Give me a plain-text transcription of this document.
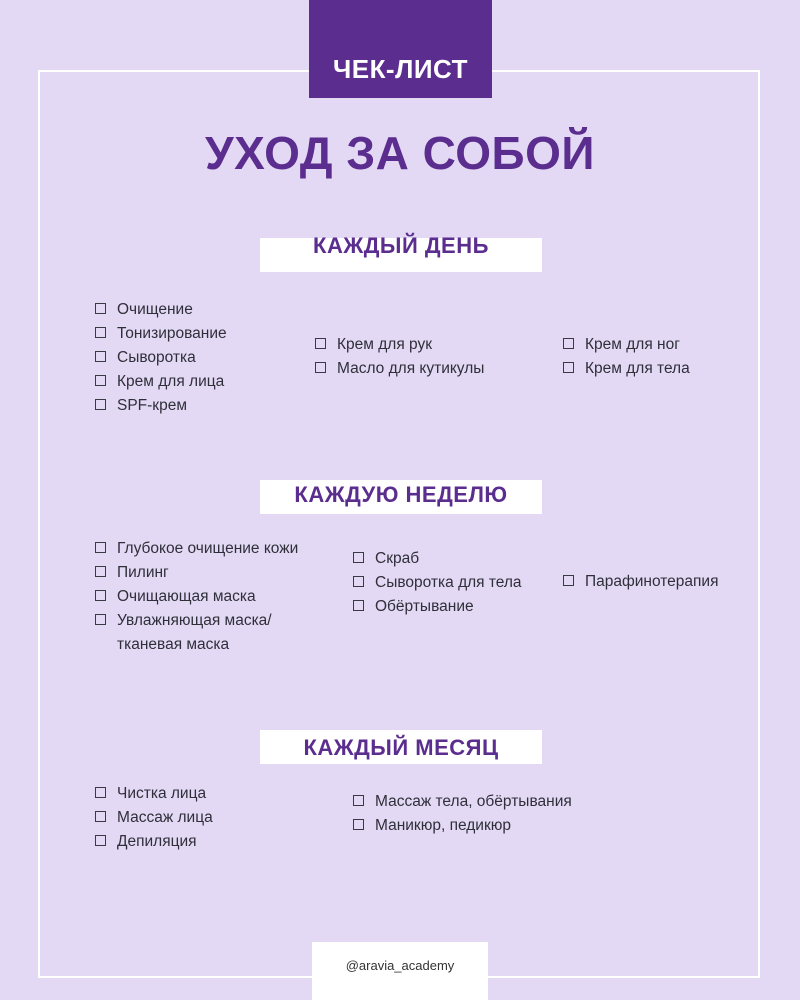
ЧЕК-ЛИСТ
УХОД ЗА СОБОЙ
КАЖДЫЙ ДЕНЬ
Очищение
Тонизирование
Сыворотка
Крем для лица
SPF-крем
Крем для рук
Масло для кутикулы
Крем для ног
Крем для тела
КАЖДУЮ НЕДЕЛЮ
Глубокое очищение кожи
Пилинг
Очищающая маска
Увлажняющая маска/
тканевая маска
Скраб
Сыворотка для тела
Обёртывание
Парафинотерапия
КАЖДЫЙ МЕСЯЦ
Чистка лица
Массаж лица
Депиляция
Массаж тела, обёртывания
Маникюр, педикюр
@aravia_academy
